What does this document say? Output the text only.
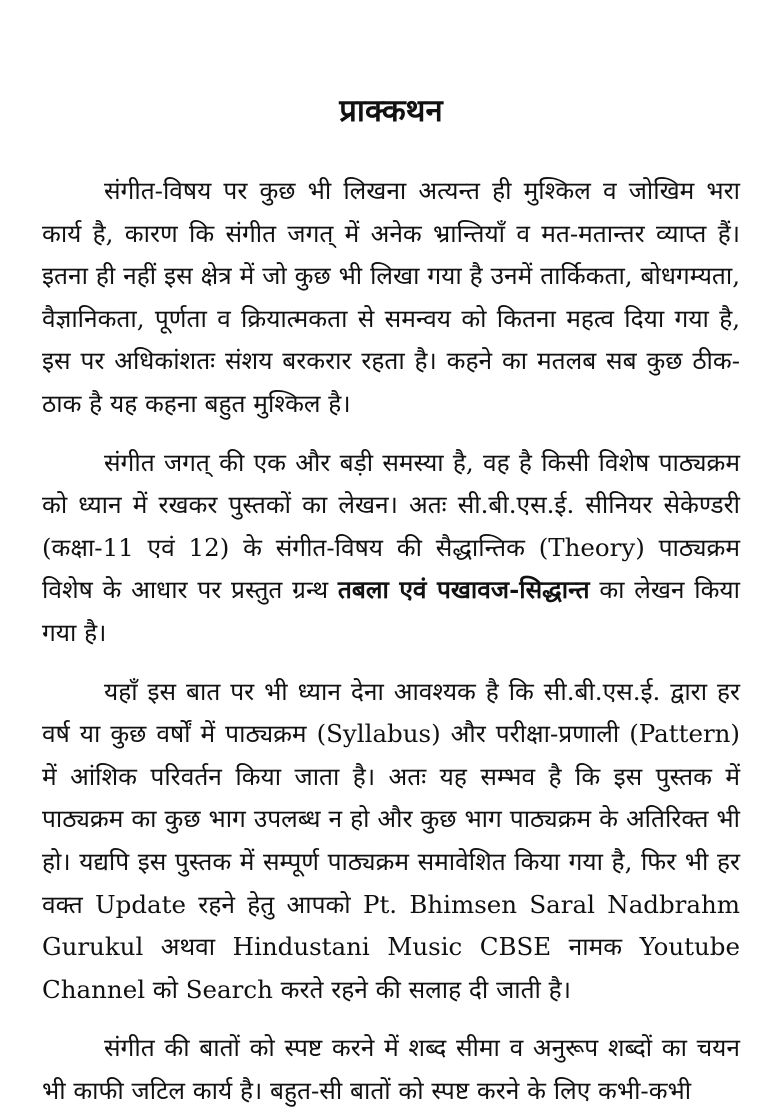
प्राक्कथन

संगीत-विषय पर कुछ भी लिखना अत्यन्त ही मुश्किल व जोखिम भरा कार्य है, कारण कि संगीत जगत् में अनेक भ्रान्तियाँ व मत-मतान्तर व्याप्त हैं। इतना ही नहीं इस क्षेत्र में जो कुछ भी लिखा गया है उनमें तार्किकता, बोधगम्यता, वैज्ञानिकता, पूर्णता व क्रियात्मकता से समन्वय को कितना महत्व दिया गया है, इस पर अधिकांशतः संशय बरकरार रहता है। कहने का मतलब सब कुछ ठीक-ठाक है यह कहना बहुत मुश्किल है।

संगीत जगत् की एक और बड़ी समस्या है, वह है किसी विशेष पाठ्यक्रम को ध्यान में रखकर पुस्तकों का लेखन। अतः सी.बी.एस.ई. सीनियर सेकेण्डरी (कक्षा-11 एवं 12) के संगीत-विषय की सैद्धान्तिक (Theory) पाठ्यक्रम विशेष के आधार पर प्रस्तुत ग्रन्थ तबला एवं पखावज-सिद्धान्त का लेखन किया गया है।

यहाँ इस बात पर भी ध्यान देना आवश्यक है कि सी.बी.एस.ई. द्वारा हर वर्ष या कुछ वर्षों में पाठ्यक्रम (Syllabus) और परीक्षा-प्रणाली (Pattern) में आंशिक परिवर्तन किया जाता है। अतः यह सम्भव है कि इस पुस्तक में पाठ्यक्रम का कुछ भाग उपलब्ध न हो और कुछ भाग पाठ्यक्रम के अतिरिक्त भी हो। यद्यपि इस पुस्तक में सम्पूर्ण पाठ्यक्रम समावेशित किया गया है, फिर भी हर वक्त Update रहने हेतु आपको Pt. Bhimsen Saral Nadbrahm Gurukul अथवा Hindustani Music CBSE नामक Youtube Channel को Search करते रहने की सलाह दी जाती है।

संगीत की बातों को स्पष्ट करने में शब्द सीमा व अनुरूप शब्दों का चयन भी काफी जटिल कार्य है। बहुत-सी बातों को स्पष्ट करने के लिए कभी-कभी
